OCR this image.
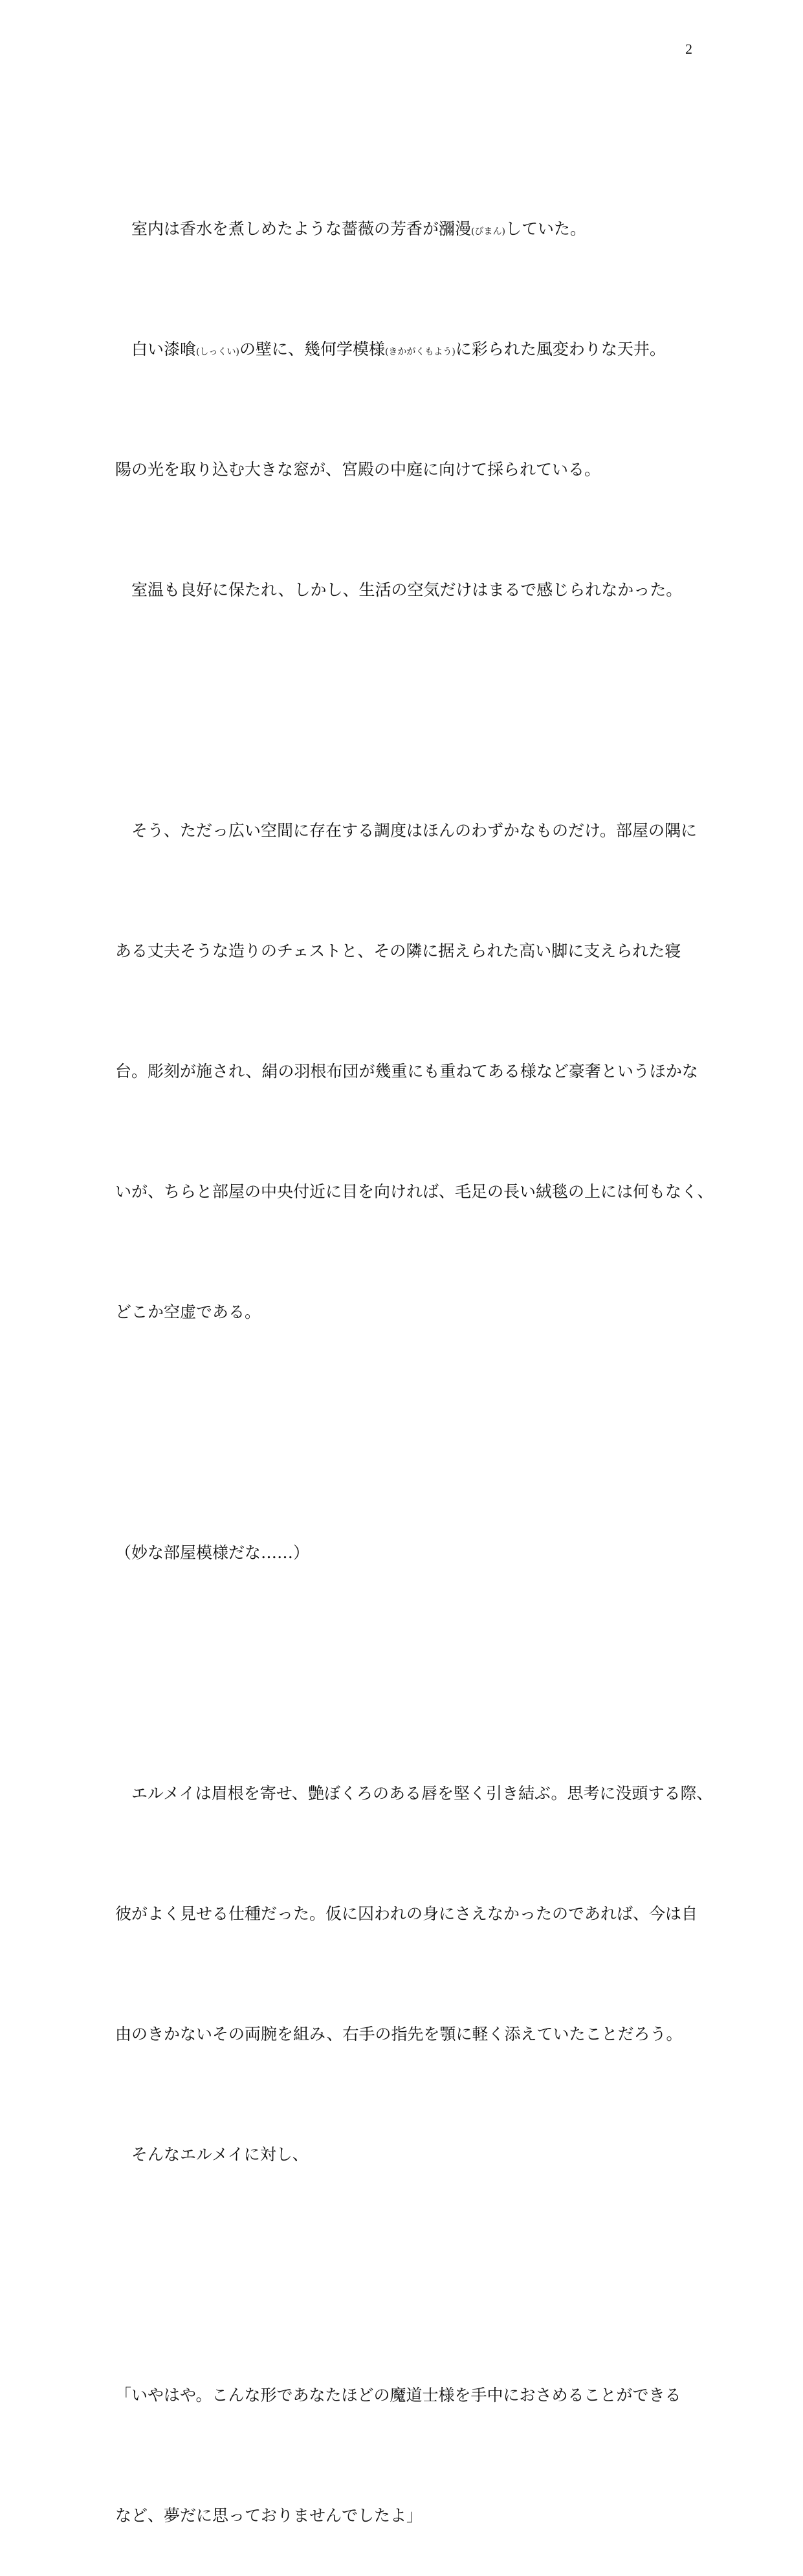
2

　室内は香水を煮しめたような薔薇の芳香が瀰漫(びまん)していた。

　白い漆喰(しっくい)の壁に、幾何学模様(きかがくもよう)に彩られた風変わりな天井。

陽の光を取り込む大きな窓が、宮殿の中庭に向けて採られている。

　室温も良好に保たれ、しかし、生活の空気だけはまるで感じられなかった。

　そう、ただっ広い空間に存在する調度はほんのわずかなものだけ。部屋の隅に

ある丈夫そうな造りのチェストと、その隣に据えられた高い脚に支えられた寝

台。彫刻が施され、絹の羽根布団が幾重にも重ねてある様など豪奢というほかな

いが、ちらと部屋の中央付近に目を向ければ、毛足の長い絨毯の上には何もなく、

どこか空虚である。

（妙な部屋模様だな……）

　エルメイは眉根を寄せ、艶ぼくろのある唇を堅く引き結ぶ。思考に没頭する際、

彼がよく見せる仕種だった。仮に囚われの身にさえなかったのであれば、今は自

由のきかないその両腕を組み、右手の指先を顎に軽く添えていたことだろう。

　そんなエルメイに対し、

「いやはや。こんな形であなたほどの魔道士様を手中におさめることができる

など、夢だに思っておりませんでしたよ」
